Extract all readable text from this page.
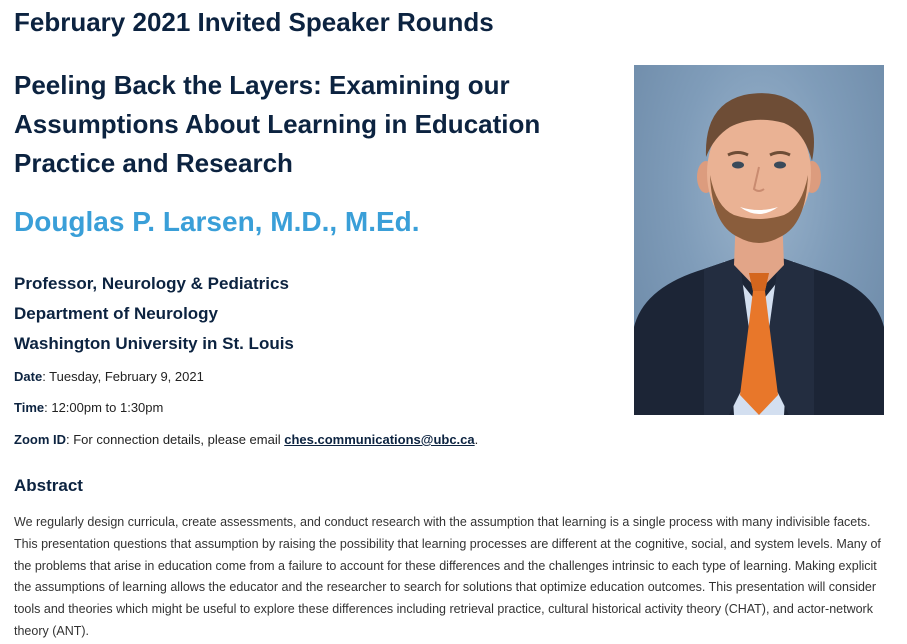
February 2021 Invited Speaker Rounds
Peeling Back the Layers: Examining our Assumptions About Learning in Education Practice and Research
Douglas P. Larsen, M.D., M.Ed.
Professor, Neurology & Pediatrics
Department of Neurology
Washington University in St. Louis
Date: Tuesday, February 9, 2021
Time: 12:00pm to 1:30pm
Zoom ID: For connection details, please email ches.communications@ubc.ca.
Abstract

We regularly design curricula, create assessments, and conduct research with the assumption that learning is a single process with many indivisible facets. This presentation questions that assumption by raising the possibility that learning processes are different at the cognitive, social, and system levels. Many of the problems that arise in education come from a failure to account for these differences and the challenges intrinsic to each type of learning. Making explicit the assumptions of learning allows the educator and the researcher to search for solutions that optimize education outcomes. This presentation will consider tools and theories which might be useful to explore these differences including retrieval practice, cultural historical activity theory (CHAT), and actor-network theory (ANT).
